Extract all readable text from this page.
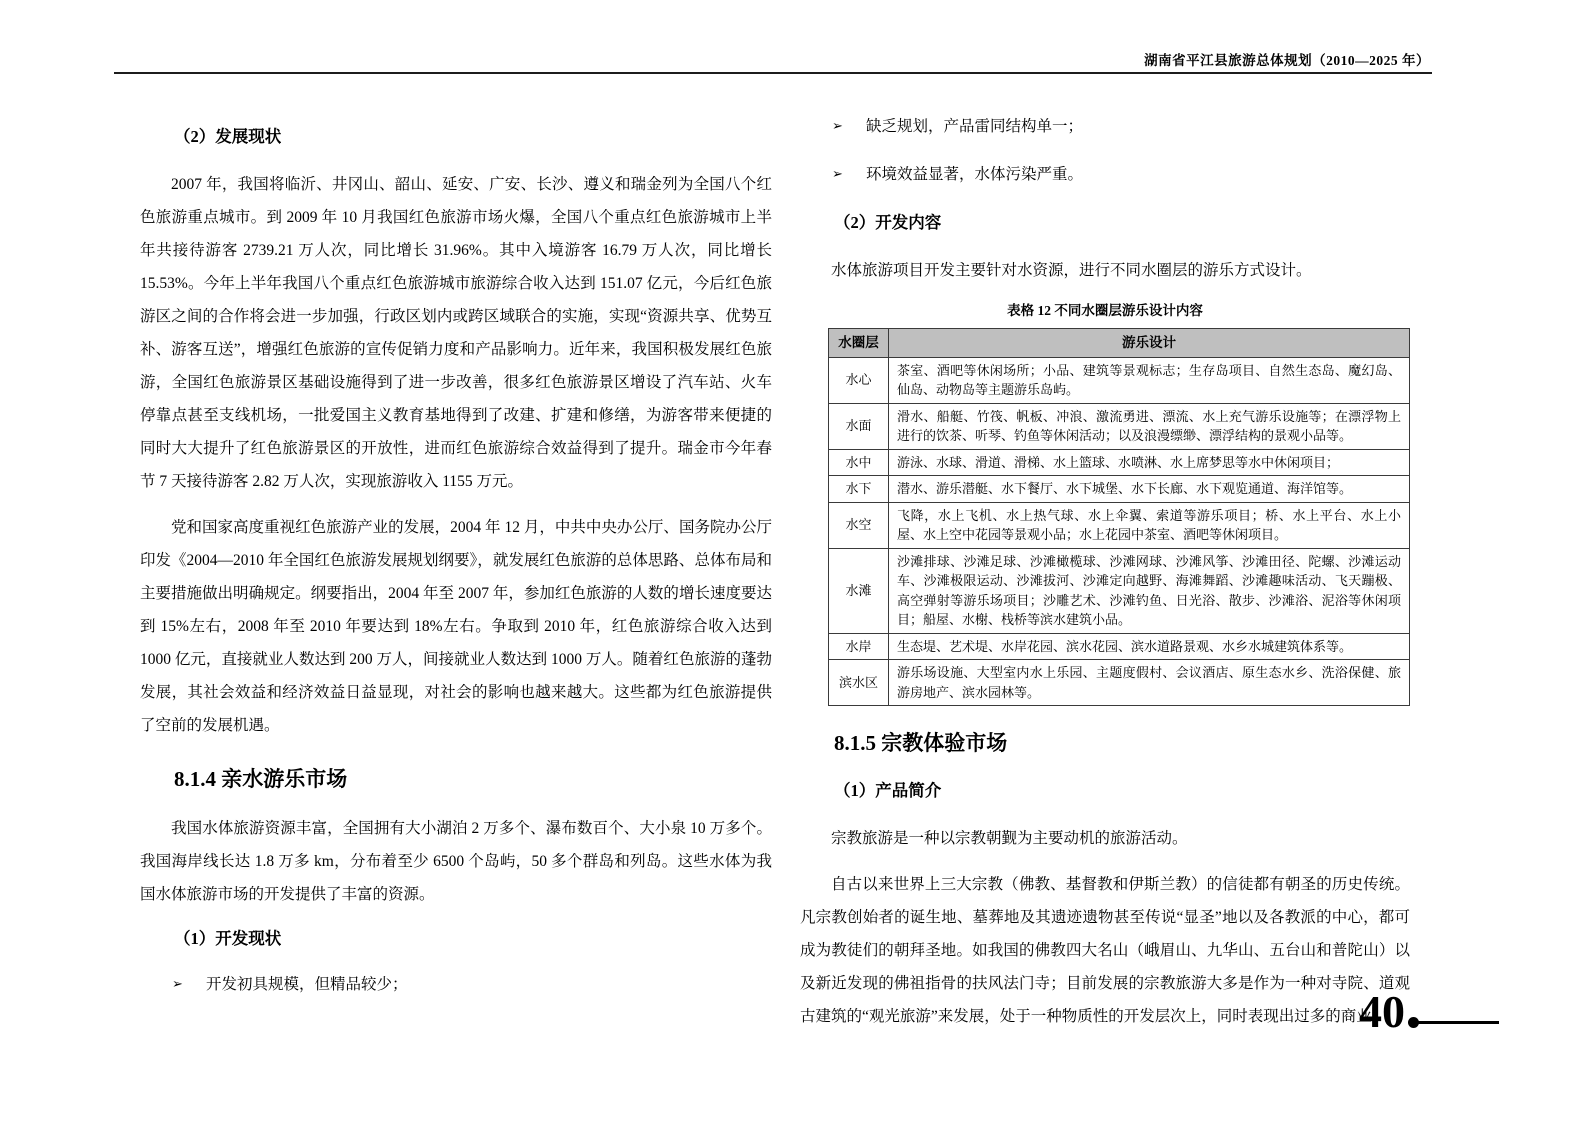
湖南省平江县旅游总体规划（2010—2025 年）
（2）发展现状

2007 年，我国将临沂、井冈山、韶山、延安、广安、长沙、遵义和瑞金列为全国八个红色旅游重点城市。到 2009 年 10 月我国红色旅游市场火爆，全国八个重点红色旅游城市上半年共接待游客 2739.21 万人次，同比增长 31.96%。其中入境游客 16.79 万人次，同比增长 15.53%。今年上半年我国八个重点红色旅游城市旅游综合收入达到 151.07 亿元，今后红色旅游区之间的合作将会进一步加强，行政区划内或跨区域联合的实施，实现“资源共享、优势互补、游客互送”，增强红色旅游的宣传促销力度和产品影响力。近年来，我国积极发展红色旅游，全国红色旅游景区基础设施得到了进一步改善，很多红色旅游景区增设了汽车站、火车停靠点甚至支线机场，一批爱国主义教育基地得到了改建、扩建和修缮，为游客带来便捷的同时大大提升了红色旅游景区的开放性，进而红色旅游综合效益得到了提升。瑞金市今年春节 7 天接待游客 2.82 万人次，实现旅游收入 1155 万元。

党和国家高度重视红色旅游产业的发展，2004 年 12 月，中共中央办公厅、国务院办公厅印发《2004—2010 年全国红色旅游发展规划纲要》，就发展红色旅游的总体思路、总体布局和主要措施做出明确规定。纲要指出，2004 年至 2007 年，参加红色旅游的人数的增长速度要达到 15%左右，2008 年至 2010 年要达到 18%左右。争取到 2010 年，红色旅游综合收入达到 1000 亿元，直接就业人数达到 200 万人，间接就业人数达到 1000 万人。随着红色旅游的蓬勃发展，其社会效益和经济效益日益显现，对社会的影响也越来越大。这些都为红色旅游提供了空前的发展机遇。

8.1.4 亲水游乐市场

我国水体旅游资源丰富，全国拥有大小湖泊 2 万多个、瀑布数百个、大小泉 10 万多个。我国海岸线长达 1.8 万多 km，分布着至少 6500 个岛屿，50 多个群岛和列岛。这些水体为我国水体旅游市场的开发提供了丰富的资源。

（1）开发现状
➢	开发初具规模，但精品较少；
➢	缺乏规划，产品雷同结构单一；
➢	环境效益显著，水体污染严重。
（2）开发内容

水体旅游项目开发主要针对水资源，进行不同水圈层的游乐方式设计。

表格 12 不同水圈层游乐设计内容
水圈层	游乐设计
水心	茶室、酒吧等休闲场所；小品、建筑等景观标志；生存岛项目、自然生态岛、魔幻岛、仙岛、动物岛等主题游乐岛屿。
水面	滑水、船艇、竹筏、帆板、冲浪、激流勇进、漂流、水上充气游乐设施等；在漂浮物上进行的饮茶、听琴、钓鱼等休闲活动；以及浪漫缥缈、漂浮结构的景观小品等。
水中	游泳、水球、滑道、滑梯、水上篮球、水喷淋、水上席梦思等水中休闲项目；
水下	潜水、游乐潜艇、水下餐厅、水下城堡、水下长廊、水下观览通道、海洋馆等。
水空	飞降，水上飞机、水上热气球、水上伞翼、索道等游乐项目；桥、水上平台、水上小屋、水上空中花园等景观小品；水上花园中茶室、酒吧等休闲项目。
水滩	沙滩排球、沙滩足球、沙滩橄榄球、沙滩网球、沙滩风筝、沙滩田径、陀螺、沙滩运动车、沙滩极限运动、沙滩拔河、沙滩定向越野、海滩舞蹈、沙滩趣味活动、飞天蹦极、高空弹射等游乐场项目；沙雕艺术、沙滩钓鱼、日光浴、散步、沙滩浴、泥浴等休闲项目；船屋、水榭、栈桥等滨水建筑小品。
水岸	生态堤、艺术堤、水岸花园、滨水花园、滨水道路景观、水乡水城建筑体系等。
滨水区	游乐场设施、大型室内水上乐园、主题度假村、会议酒店、原生态水乡、洗浴保健、旅游房地产、滨水园林等。
8.1.5 宗教体验市场
（1）产品简介

宗教旅游是一种以宗教朝觐为主要动机的旅游活动。

自古以来世界上三大宗教（佛教、基督教和伊斯兰教）的信徒都有朝圣的历史传统。凡宗教创始者的诞生地、墓葬地及其遗迹遗物甚至传说“显圣”地以及各教派的中心，都可成为教徒们的朝拜圣地。如我国的佛教四大名山（峨眉山、九华山、五台山和普陀山）以及新近发现的佛祖指骨的扶风法门寺；目前发展的宗教旅游大多是作为一种对寺院、道观古建筑的“观光旅游”来发展，处于一种物质性的开发层次上，同时表现出过多的商业

40
